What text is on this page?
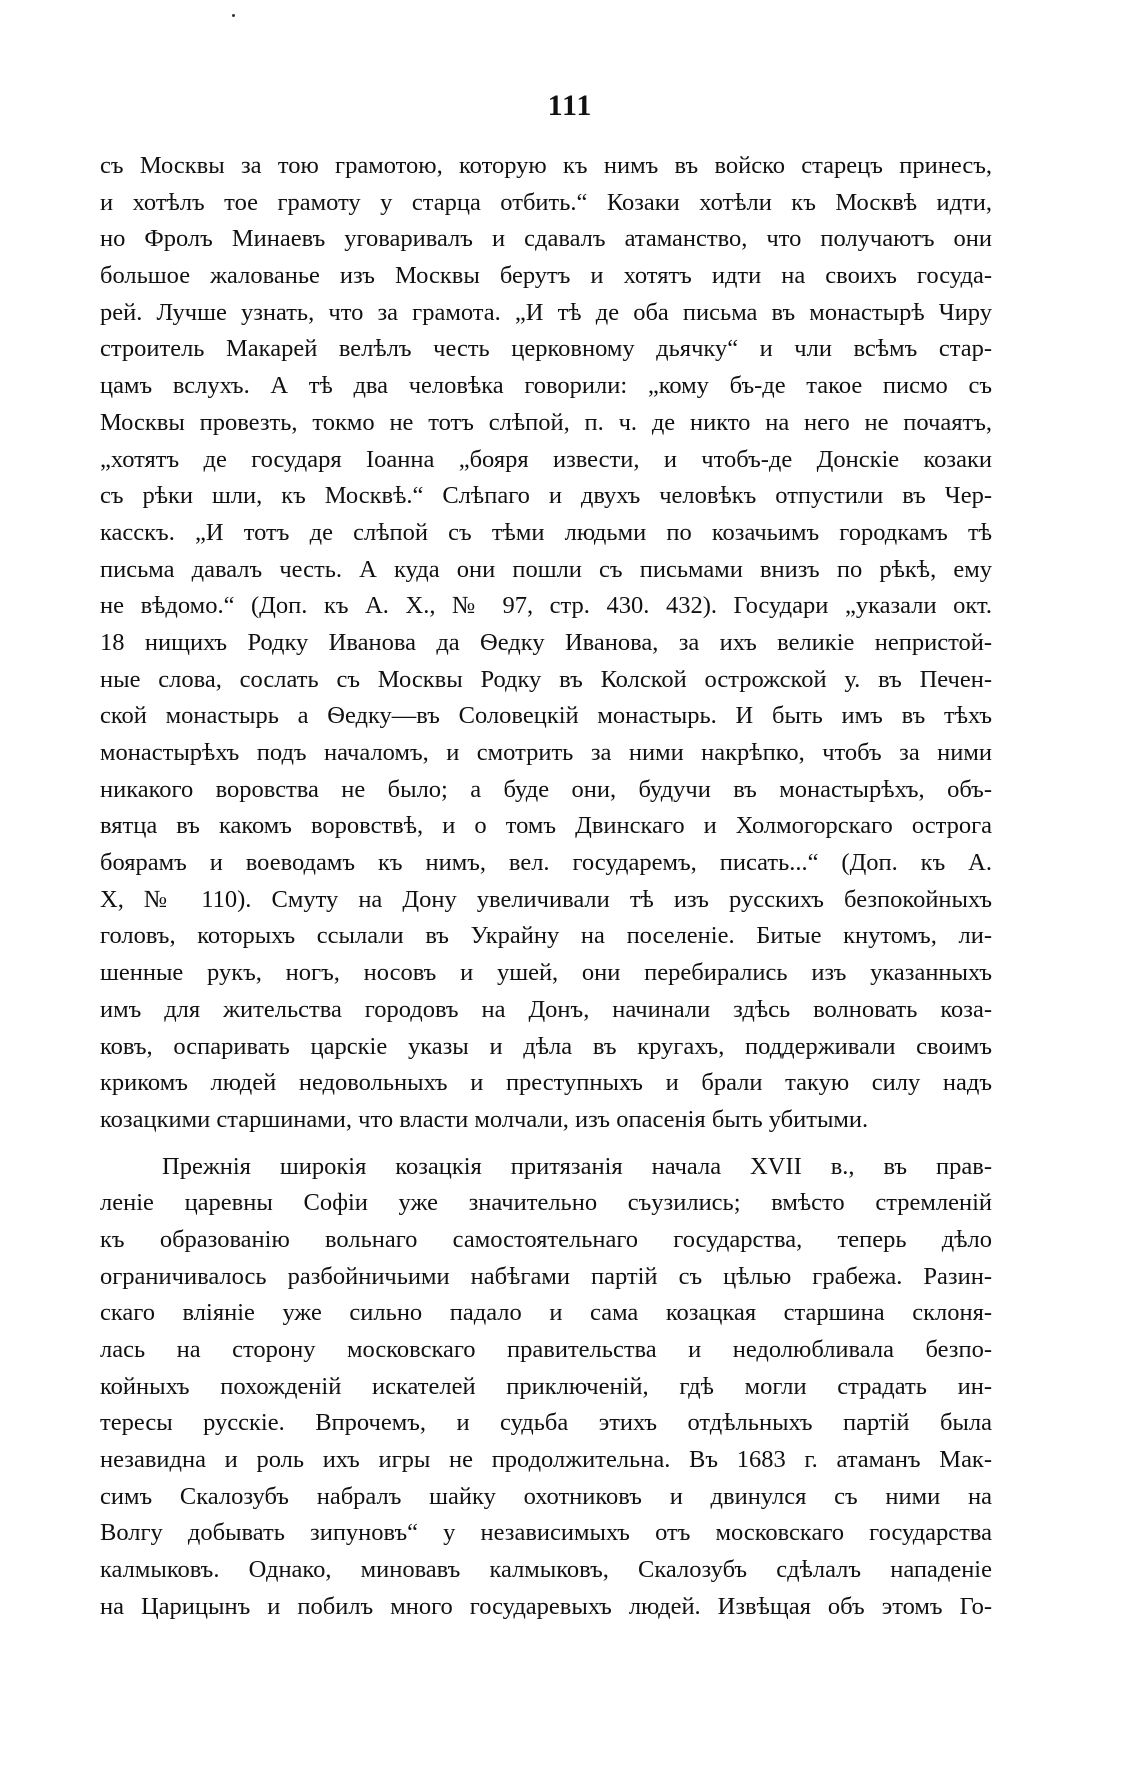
111
съ Москвы за тою грамотою, которую къ нимъ въ войско старецъ принесъ,
и хотѣлъ тое грамоту у старца отбить.“ Козаки хотѣли къ Москвѣ идти,
но Фролъ Минаевъ уговаривалъ и сдавалъ атаманство, что получаютъ они
большое жалованье изъ Москвы берутъ и хотятъ идти на своихъ госуда-
рей. Лучше узнать, что за грамота. „И тѣ де оба письма въ монастырѣ Чиру
строитель Макарей велѣлъ честь церковному дьячку“ и чли всѣмъ стар-
цамъ вслухъ. А тѣ два человѣка говорили: „кому бъ-де такое писмо съ
Москвы провезть, токмо не тотъ слѣпой, п. ч. де никто на него не почаятъ,
„хотятъ де государя Іоанна „бояря извести, и чтобъ-де Донскіе козаки
съ рѣки шли, къ Москвѣ.“ Слѣпаго и двухъ человѣкъ отпустили въ Чер-
касскъ. „И тотъ де слѣпой съ тѣми людьми по козачьимъ городкамъ тѣ
письма давалъ честь. А куда они пошли съ письмами внизъ по рѣкѣ, ему
не вѣдомо.“ (Доп. къ А. Х., № 97, стр. 430. 432). Государи „указали окт.
18 нищихъ Родку Иванова да Ѳедку Иванова, за ихъ великіе непристой-
ные слова, сослать съ Москвы Родку въ Колской острожской у. въ Печен-
ской монастырь а Ѳедку—въ Соловецкій монастырь. И быть имъ въ тѣхъ
монастырѣхъ подъ началомъ, и смотрить за ними накрѣпко, чтобъ за ними
никакого воровства не было; а буде они, будучи въ монастырѣхъ, объ-
вятца въ какомъ воровствѣ, и о томъ Двинскаго и Холмогорскаго острога
боярамъ и воеводамъ къ нимъ, вел. государемъ, писать...“ (Доп. къ А.
Х, № 110). Смуту на Дону увеличивали тѣ изъ русскихъ безпокойныхъ
головъ, которыхъ ссылали въ Украйну на поселеніе. Битые кнутомъ, ли-
шенные рукъ, ногъ, носовъ и ушей, они перебирались изъ указанныхъ
имъ для жительства городовъ на Донъ, начинали здѣсь волновать коза-
ковъ, оспаривать царскіе указы и дѣла въ кругахъ, поддерживали своимъ
крикомъ людей недовольныхъ и преступныхъ и брали такую силу надъ
козацкими старшинами, что власти молчали, изъ опасенія быть убитыми.
Прежнія широкія козацкія притязанія начала XVII в., въ прав-
леніе царевны Софіи уже значительно съузились; вмѣсто стремленій
къ образованію вольнаго самостоятельнаго государства, теперь дѣло
ограничивалось разбойничьими набѣгами партій съ цѣлью грабежа. Разин-
скаго вліяніе уже сильно падало и сама козацкая старшина склоня-
лась на сторону московскаго правительства и недолюбливала безпо-
койныхъ похожденій искателей приключеній, гдѣ могли страдать ин-
тересы русскіе. Впрочемъ, и судьба этихъ отдѣльныхъ партій была
незавидна и роль ихъ игры не продолжительна. Въ 1683 г. атаманъ Мак-
симъ Скалозубъ набралъ шайку охотниковъ и двинулся съ ними на
Волгу добывать зипуновъ“ у независимыхъ отъ московскаго государства
калмыковъ. Однако, миновавъ калмыковъ, Скалозубъ сдѣлалъ нападеніе
на Царицынъ и побилъ много государевыхъ людей. Извѣщая объ этомъ Го-
